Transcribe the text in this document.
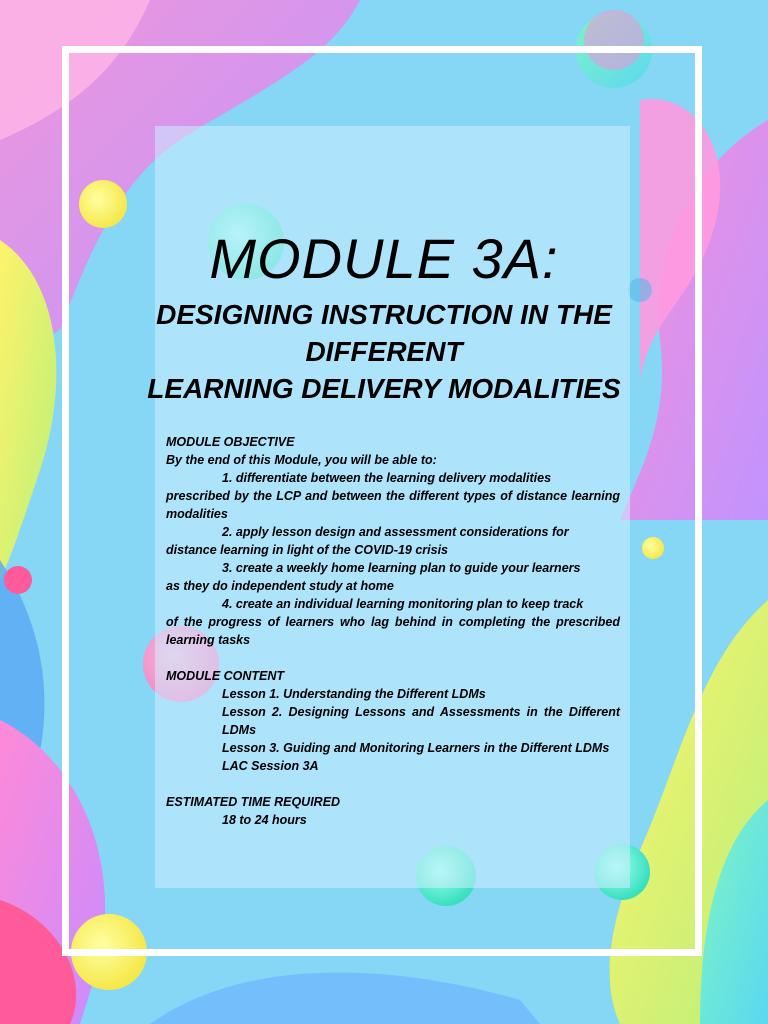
MODULE 3A:
DESIGNING INSTRUCTION IN THE
DIFFERENT
LEARNING DELIVERY MODALITIES

MODULE OBJECTIVE

By the end of this Module, you will be able to:

1. differentiate between the learning delivery modalities

prescribed by the LCP and between the different types of distance learning modalities

2. apply lesson design and assessment considerations for

distance learning in light of the COVID-19 crisis

3. create a weekly home learning plan to guide your learners

as they do independent study at home

4. create an individual learning monitoring plan to keep track

of the progress of learners who lag behind in completing the prescribed learning tasks

MODULE CONTENT

Lesson 1. Understanding the Different LDMs

Lesson 2. Designing Lessons and Assessments in the Different LDMs

Lesson 3. Guiding and Monitoring Learners in the Different LDMs

LAC Session 3A

ESTIMATED TIME REQUIRED

18 to 24 hours
